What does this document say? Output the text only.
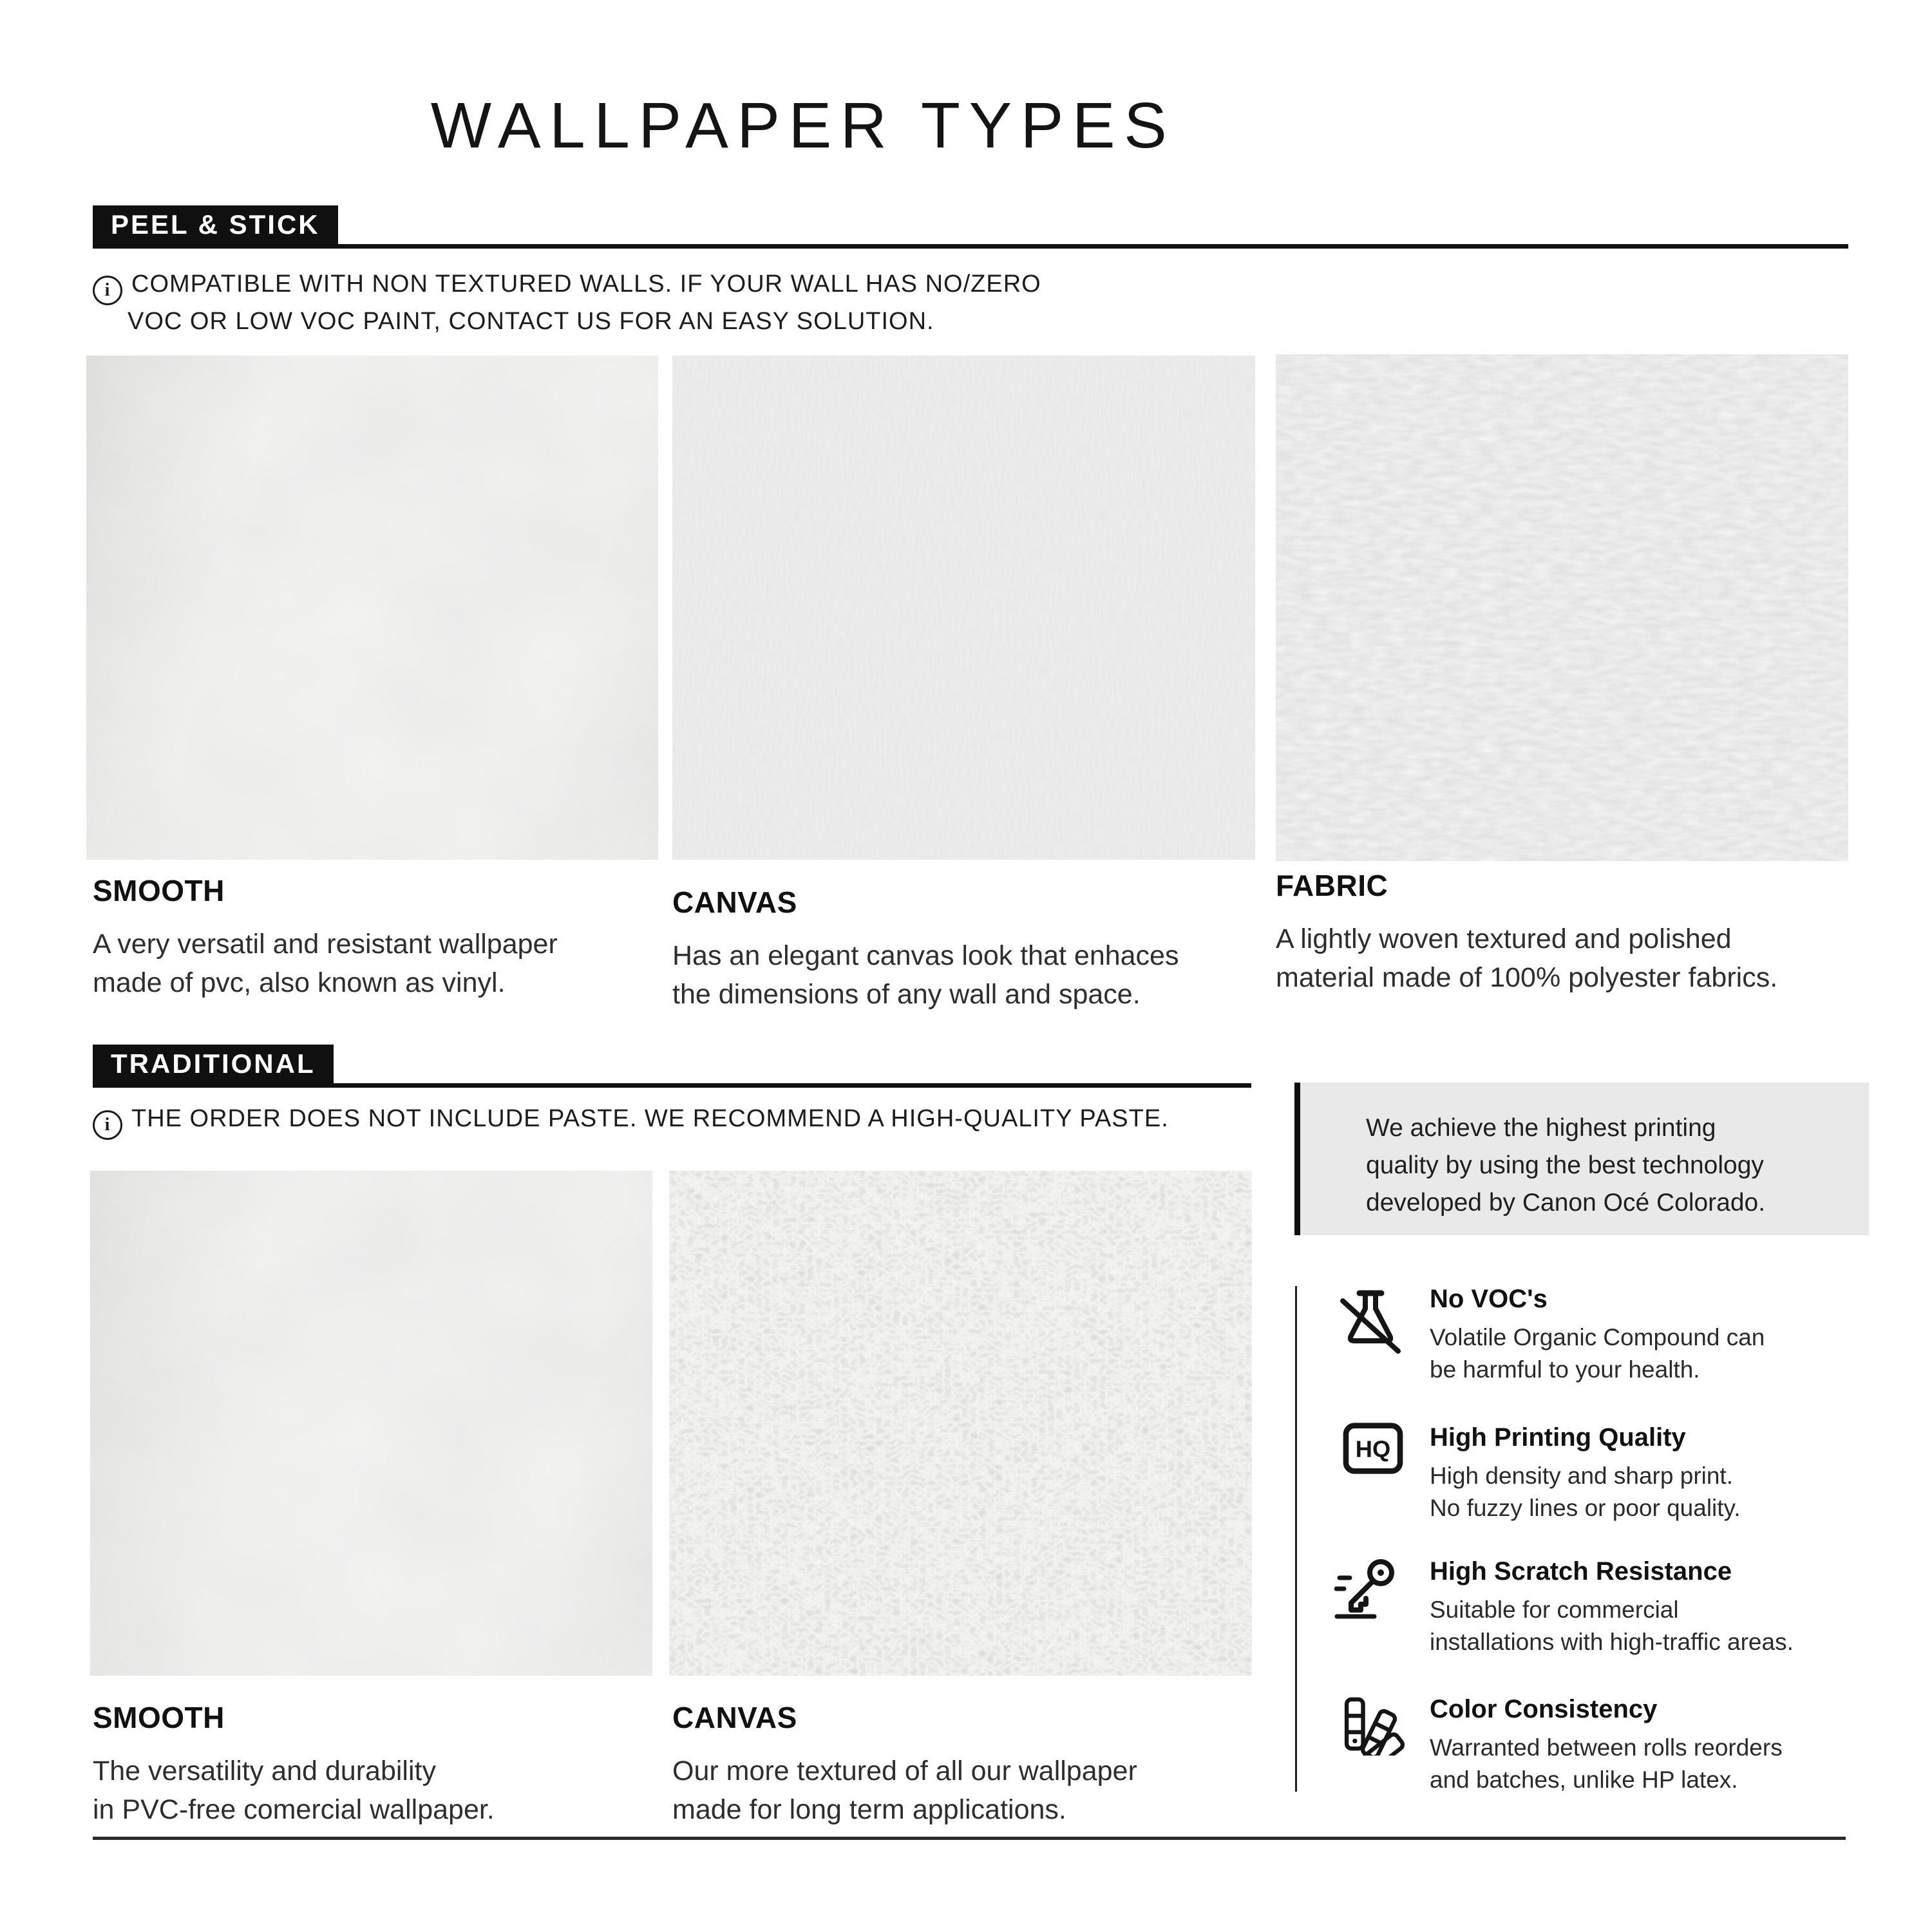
WALLPAPER TYPES
PEEL & STICK
i COMPATIBLE WITH NON TEXTURED WALLS. IF YOUR WALL HAS NO/ZERO
VOC OR LOW VOC PAINT, CONTACT US FOR AN EASY SOLUTION.
SMOOTH
A very versatil and resistant wallpaper
made of pvc, also known as vinyl.
CANVAS
Has an elegant canvas look that enhaces
the dimensions of any wall and space.
FABRIC
A lightly woven textured and polished
material made of 100% polyester fabrics.
TRADITIONAL
i THE ORDER DOES NOT INCLUDE PASTE. WE RECOMMEND A HIGH-QUALITY PASTE.
SMOOTH
The versatility and durability
in PVC-free comercial wallpaper.
CANVAS
Our more textured of all our wallpaper
made for long term applications.
We achieve the highest printing
quality by using the best technology
developed by Canon Océ Colorado.
No VOC's
Volatile Organic Compound can
be harmful to your health.
HQ High Printing Quality
High density and sharp print.
No fuzzy lines or poor quality.
High Scratch Resistance
Suitable for commercial
installations with high-traffic areas.
Color Consistency
Warranted between rolls reorders
and batches, unlike HP latex.
